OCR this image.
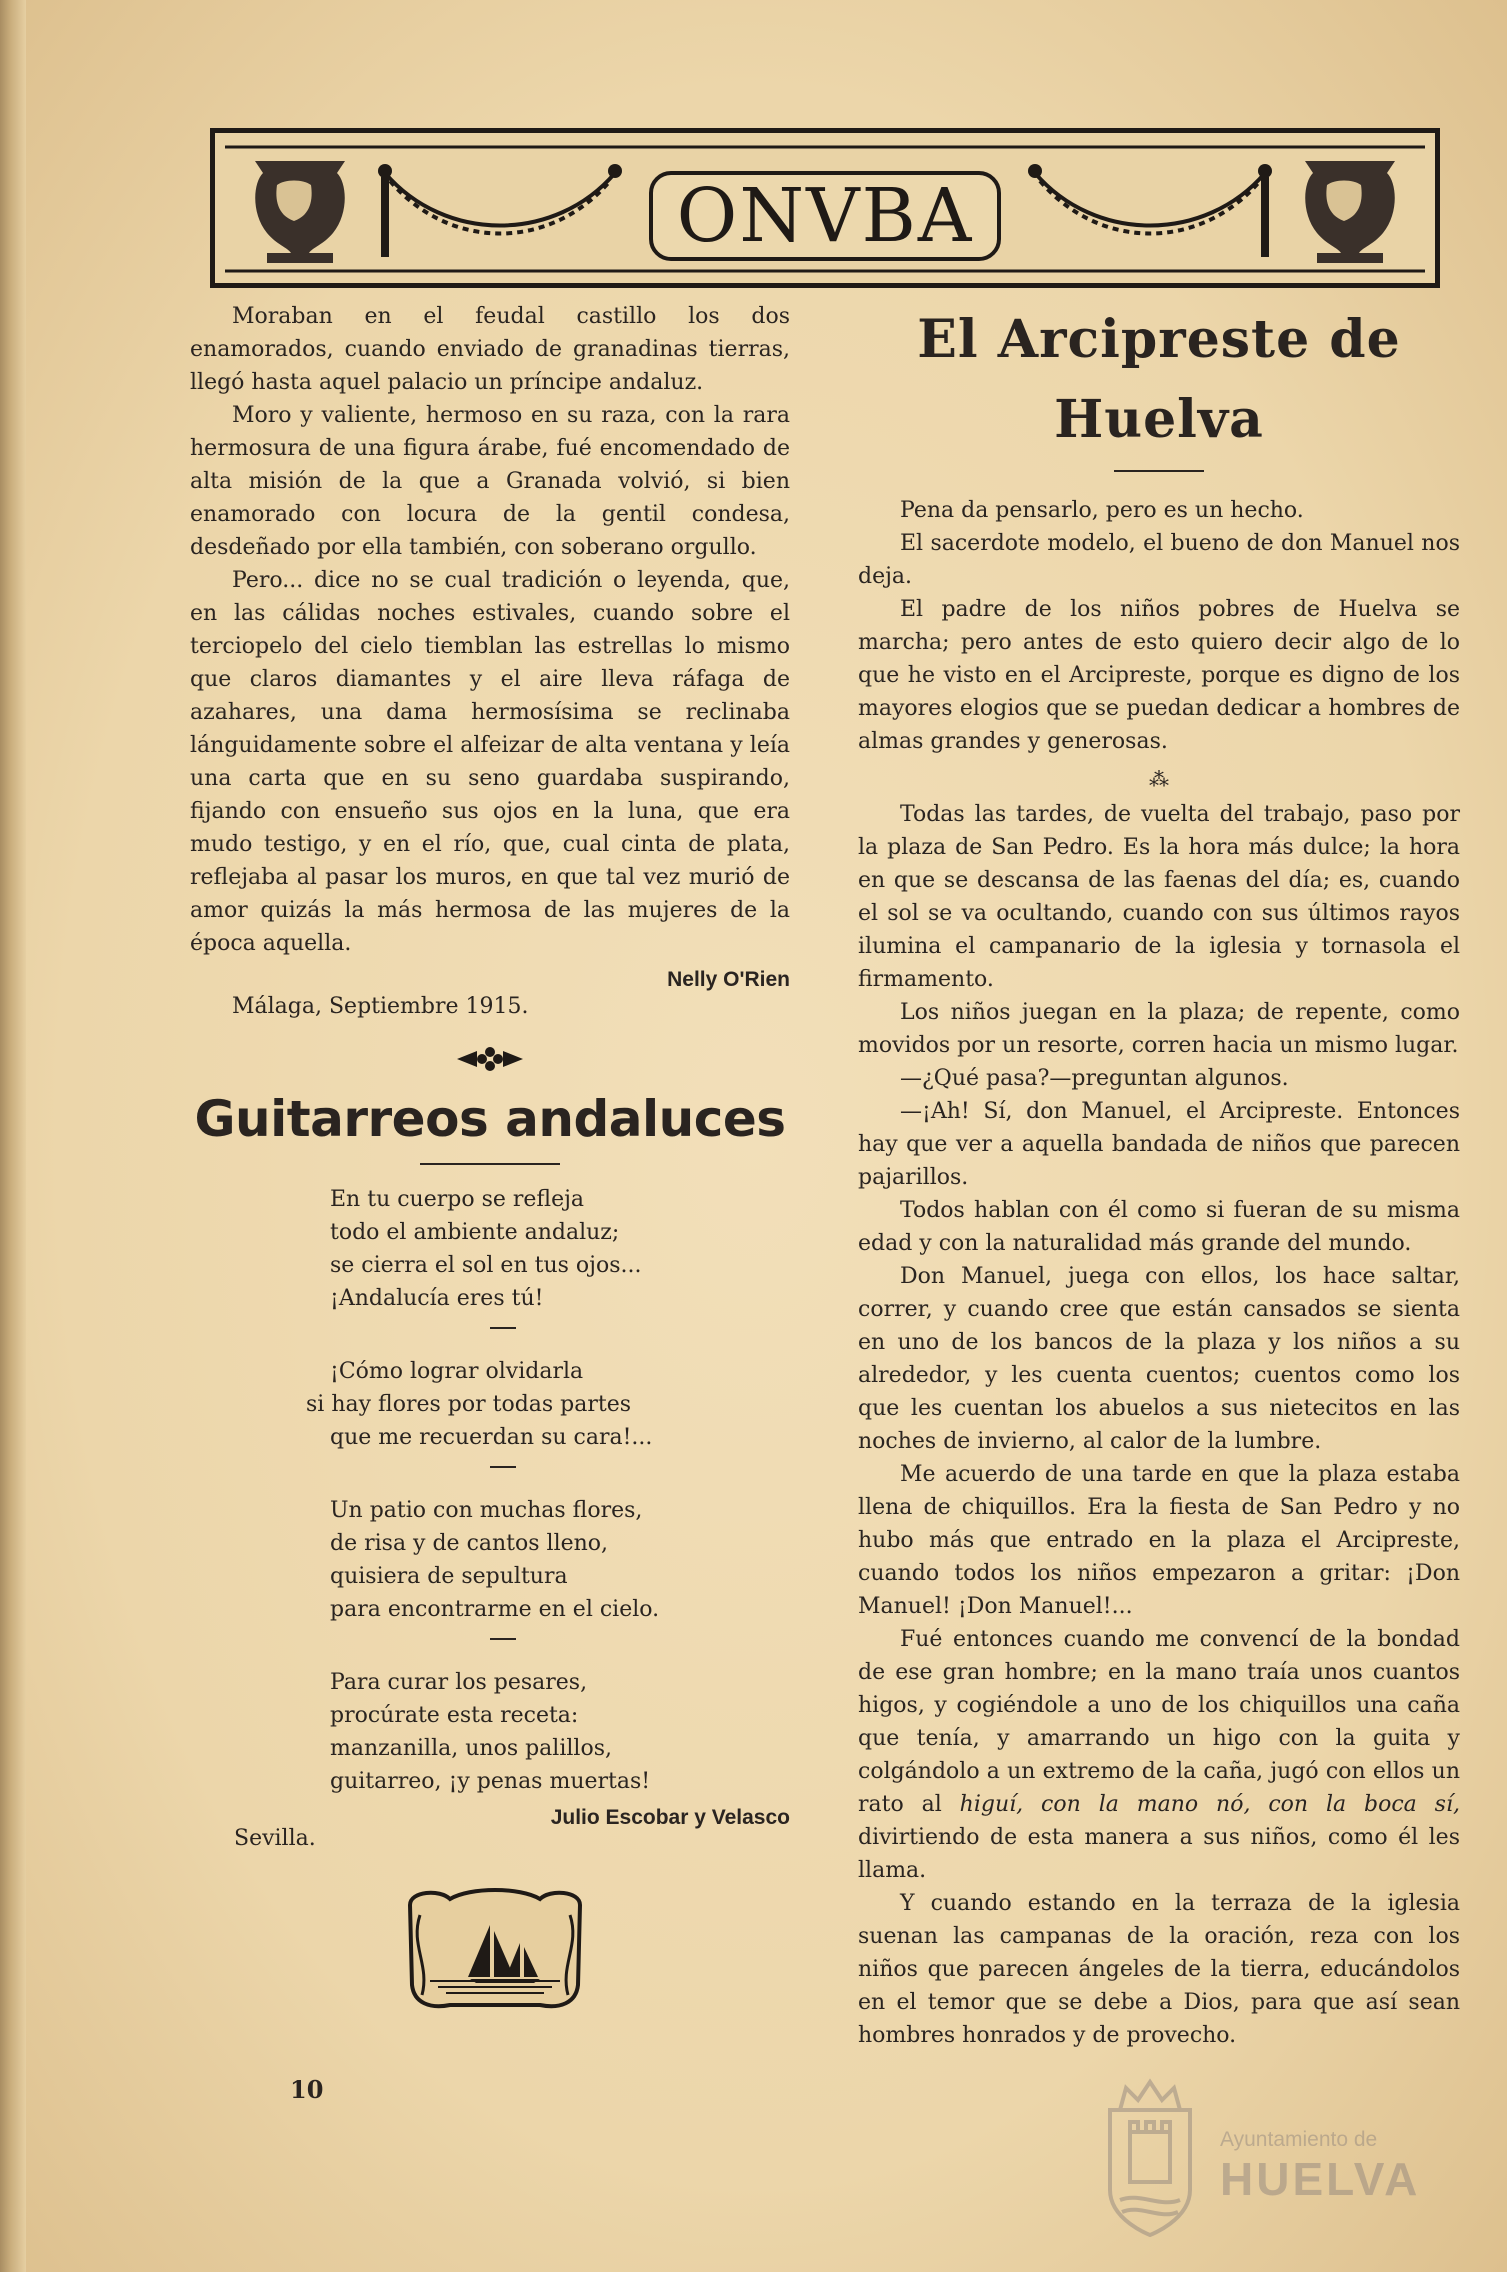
ONVBA

Moraban en el feudal castillo los dos enamorados, cuando enviado de granadinas tierras, llegó hasta aquel palacio un príncipe andaluz.

Moro y valiente, hermoso en su raza, con la rara hermosura de una figura árabe, fué encomendado de alta misión de la que a Granada volvió, si bien enamorado con locura de la gentil condesa, desdeñado por ella también, con soberano orgullo.

Pero... dice no se cual tradición o leyenda, que, en las cálidas noches estivales, cuando sobre el terciopelo del cielo tiemblan las estrellas lo mismo que claros diamantes y el aire lleva ráfaga de azahares, una dama hermosísima se reclinaba lánguidamente sobre el alfeizar de alta ventana y leía una carta que en su seno guardaba suspirando, fijando con ensueño sus ojos en la luna, que era mudo testigo, y en el río, que, cual cinta de plata, reflejaba al pasar los muros, en que tal vez murió de amor quizás la más hermosa de las mujeres de la época aquella.

Nelly O'Rien
Málaga, Septiembre 1915.
Guitarreos andaluces
En tu cuerpo se refleja
todo el ambiente andaluz;
se cierra el sol en tus ojos...
¡Andalucía eres tú!
¡Cómo lograr olvidarla
si hay flores por todas partes
que me recuerdan su cara!...
Un patio con muchas flores,
de risa y de cantos lleno,
quisiera de sepultura
para encontrarme en el cielo.
Para curar los pesares,
procúrate esta receta:
manzanilla, unos palillos,
guitarreo, ¡y penas muertas!
Julio Escobar y Velasco
Sevilla.
El Arcipreste de Huelva

Pena da pensarlo, pero es un hecho.

El sacerdote modelo, el bueno de don Manuel nos deja.

El padre de los niños pobres de Huelva se marcha; pero antes de esto quiero decir algo de lo que he visto en el Arcipreste, porque es digno de los mayores elogios que se puedan dedicar a hombres de almas grandes y generosas.

⁂

Todas las tardes, de vuelta del trabajo, paso por la plaza de San Pedro. Es la hora más dulce; la hora en que se descansa de las faenas del día; es, cuando el sol se va ocultando, cuando con sus últimos rayos ilumina el campanario de la iglesia y tornasola el firmamento.

Los niños juegan en la plaza; de repente, como movidos por un resorte, corren hacia un mismo lugar.

—¿Qué pasa?—preguntan algunos.

—¡Ah! Sí, don Manuel, el Arcipreste. Entonces hay que ver a aquella bandada de niños que parecen pajarillos.

Todos hablan con él como si fueran de su misma edad y con la naturalidad más grande del mundo.

Don Manuel, juega con ellos, los hace saltar, correr, y cuando cree que están cansados se sienta en uno de los bancos de la plaza y los niños a su alrededor, y les cuenta cuentos; cuentos como los que les cuentan los abuelos a sus nietecitos en las noches de invierno, al calor de la lumbre.

Me acuerdo de una tarde en que la plaza estaba llena de chiquillos. Era la fiesta de San Pedro y no hubo más que entrado en la plaza el Arcipreste, cuando todos los niños empezaron a gritar: ¡Don Manuel! ¡Don Manuel!...

Fué entonces cuando me convencí de la bondad de ese gran hombre; en la mano traía unos cuantos higos, y cogiéndole a uno de los chiquillos una caña que tenía, y amarrando un higo con la guita y colgándolo a un extremo de la caña, jugó con ellos un rato al higuí, con la mano nó, con la boca sí, divirtiendo de esta manera a sus niños, como él les llama.

Y cuando estando en la terraza de la iglesia suenan las campanas de la oración, reza con los niños que parecen ángeles de la tierra, educándolos en el temor que se debe a Dios, para que así sean hombres honrados y de provecho.

10
Ayuntamiento de
HUELVA
